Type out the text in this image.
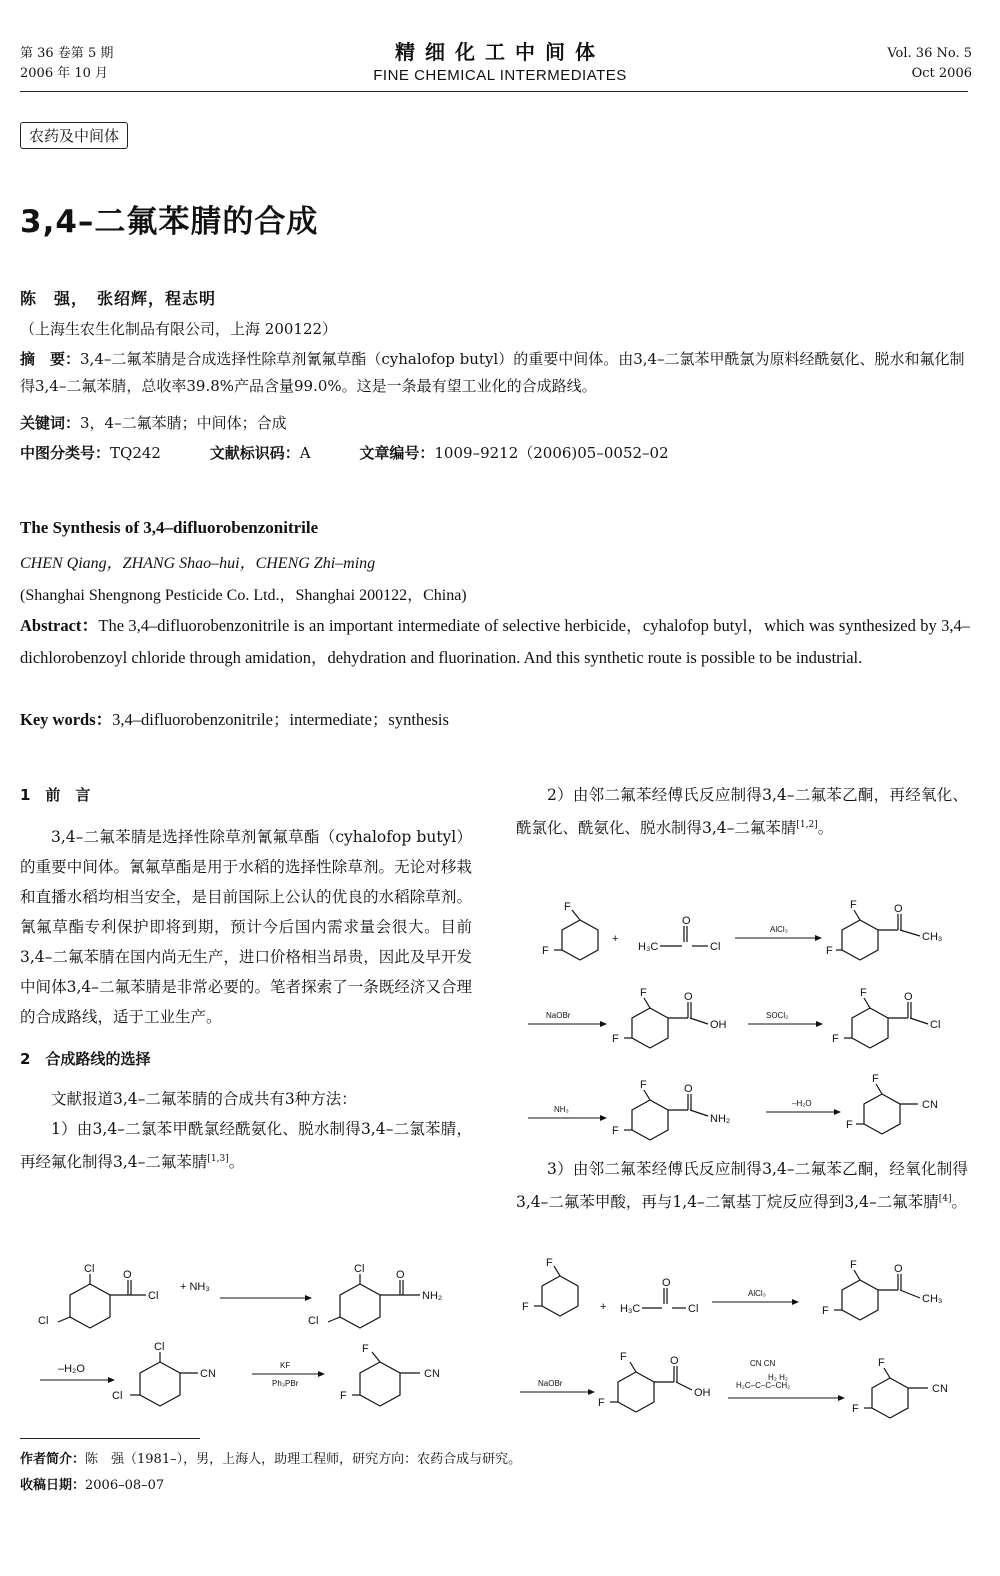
第 36 卷第 5 期
2006 年 10 月
精细化工中间体
FINE CHEMICAL INTERMEDIATES
Vol. 36 No. 5
Oct 2006
农药及中间体
3,4–二氟苯腈的合成
陈　强，　张绍辉，程志明
（上海生农生化制品有限公司，上海 200122）
摘　要：3,4–二氟苯腈是合成选择性除草剂氰氟草酯（cyhalofop butyl）的重要中间体。由3,4–二氯苯甲酰氯为原料经酰氨化、脱水和氟化制得3,4–二氟苯腈，总收率39.8%产品含量99.0%。这是一条最有望工业化的合成路线。
关键词：3，4–二氟苯腈；中间体；合成
中图分类号：TQ242	文献标识码：A	文章编号：1009–9212（2006)05–0052–02
The Synthesis of 3,4–difluorobenzonitrile
CHEN Qiang，ZHANG Shao–hui，CHENG Zhi–ming
(Shanghai Shengnong Pesticide Co. Ltd.，Shanghai 200122，China)
Abstract：The 3,4–difluorobenzonitrile is an important intermediate of selective herbicide，cyhalofop butyl，which was synthesized by 3,4–dichlorobenzoyl chloride through amidation，dehydration and fluorination. And this synthetic route is possible to be industrial.
Key words：3,4–difluorobenzonitrile；intermediate；synthesis
1　前　言

3,4–二氟苯腈是选择性除草剂氰氟草酯（cyhalofop butyl）的重要中间体。氰氟草酯是用于水稻的选择性除草剂。无论对移栽和直播水稻均相当安全，是目前国际上公认的优良的水稻除草剂。氰氟草酯专利保护即将到期，预计今后国内需求量会很大。目前3,4–二氟苯腈在国内尚无生产，进口价格相当昂贵，因此及早开发中间体3,4–二氟苯腈是非常必要的。笔者探索了一条既经济又合理的合成路线，适于工业生产。

2　合成路线的选择

文献报道3,4–二氟苯腈的合成共有3种方法：

1）由3,4–二氯苯甲酰氯经酰氨化、脱水制得3,4–二氯苯腈，再经氟化制得3,4–二氟苯腈[1,3]。

2）由邻二氟苯经傅氏反应制得3,4–二氟苯乙酮，再经氧化、酰氯化、酰氨化、脱水制得3,4–二氟苯腈[1,2]。

3）由邻二氟苯经傅氏反应制得3,4–二氟苯乙酮，经氧化制得3,4–二氟苯甲酸，再与1,4–二氰基丁烷反应得到3,4–二氟苯腈[4]。

Cl
Cl
O
Cl
+ NH₃
Cl
Cl
O
NH₂
–H₂O
Cl
Cl
CN
KF
Ph₃PBr
F
F
CN
F
F
+
H₃C
O
Cl
AlCl₃
F
F
O
CH₃
NaOBr
F
F
O
OH
SOCl₂
F
F
O
Cl
NH₃
F
F
O
NH₂
–H₂O
F
F
CN
F
F	+ H₃C
O
Cl
AlCl₃
F
F
O
CH₃
NaOBr
F
F
O
OH
CN CN
H₂ H₂
H₂C–C–C–CH₂
F
F
CN
作者简介：陈　强（1981–），男，上海人，助理工程师，研究方向：农药合成与研究。
收稿日期：2006–08–07
